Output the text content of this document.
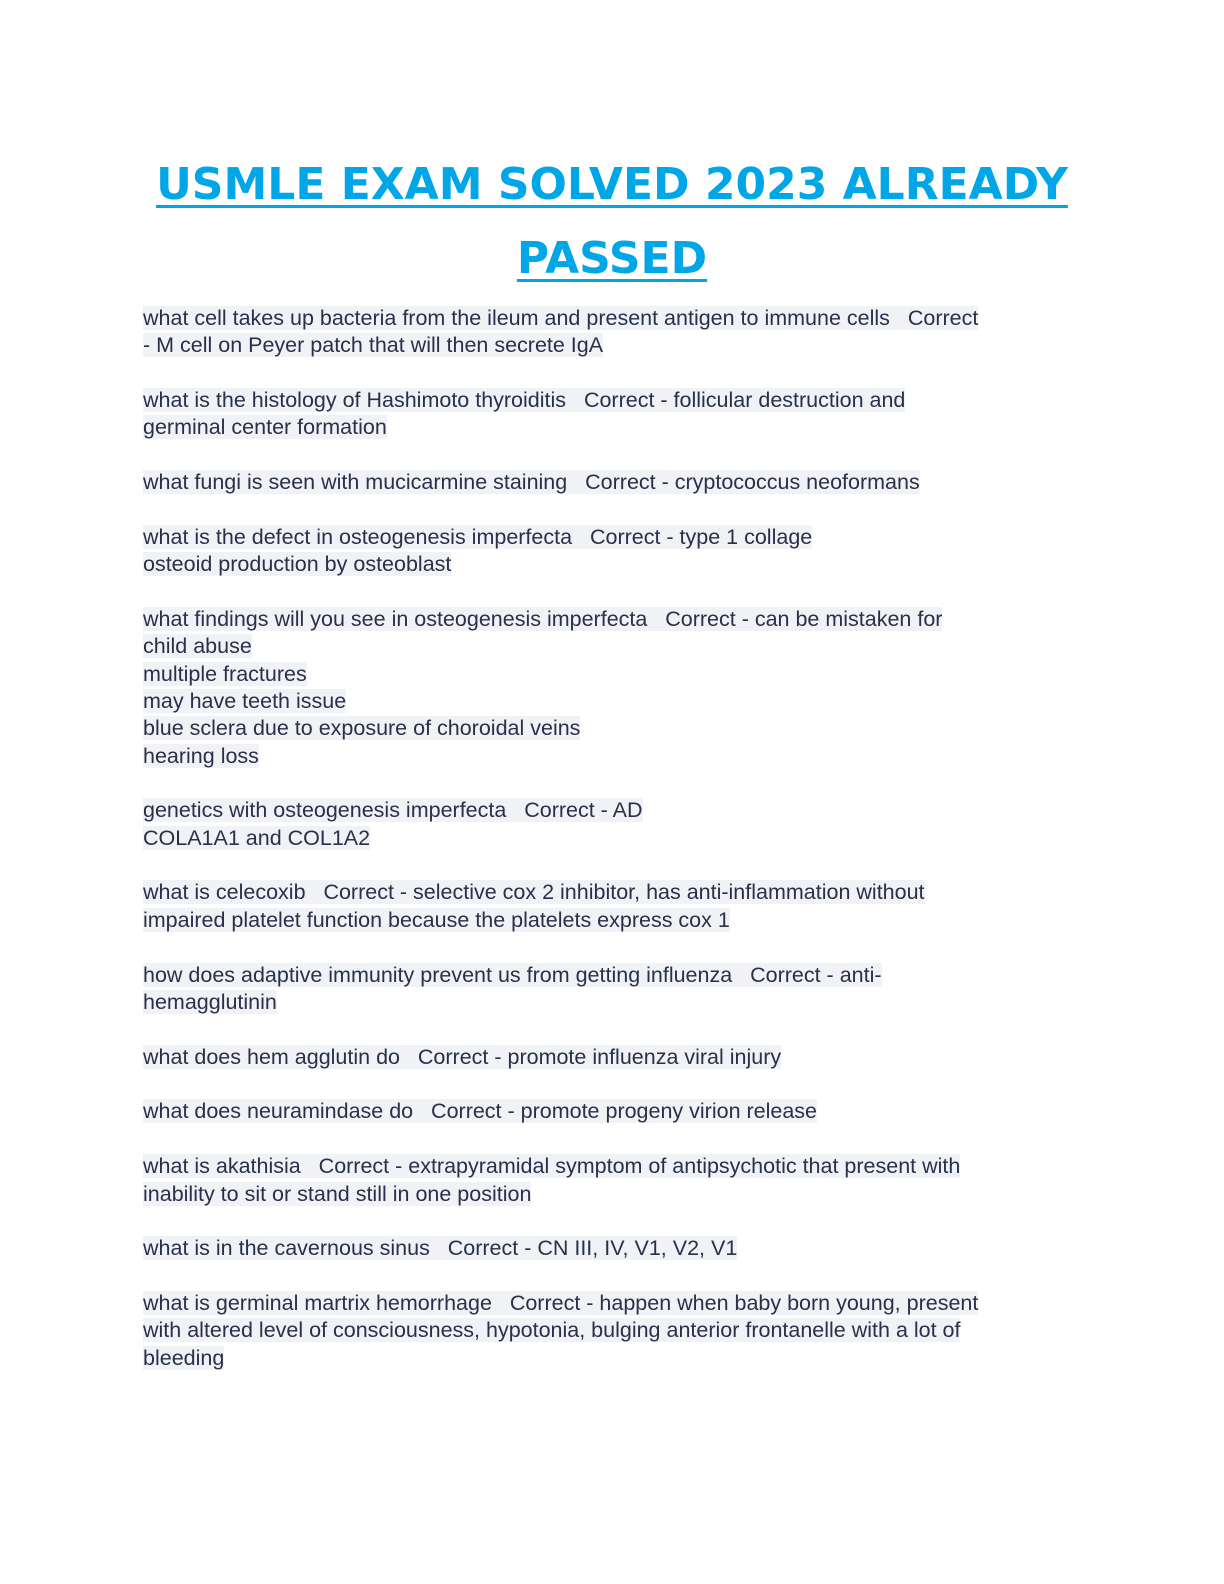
USMLE EXAM SOLVED 2023 ALREADY
PASSED
what cell takes up bacteria from the ileum and present antigen to immune cells   Correct
- M cell on Peyer patch that will then secrete IgA
what is the histology of Hashimoto thyroiditis   Correct - follicular destruction and
germinal center formation
what fungi is seen with mucicarmine staining   Correct - cryptococcus neoformans
what is the defect in osteogenesis imperfecta   Correct - type 1 collage
osteoid production by osteoblast
what findings will you see in osteogenesis imperfecta   Correct - can be mistaken for
child abuse
multiple fractures
may have teeth issue
blue sclera due to exposure of choroidal veins
hearing loss
genetics with osteogenesis imperfecta   Correct - AD
COLA1A1 and COL1A2
what is celecoxib   Correct - selective cox 2 inhibitor, has anti-inflammation without
impaired platelet function because the platelets express cox 1
how does adaptive immunity prevent us from getting influenza   Correct - anti-
hemagglutinin
what does hem agglutin do   Correct - promote influenza viral injury
what does neuramindase do   Correct - promote progeny virion release
what is akathisia   Correct - extrapyramidal symptom of antipsychotic that present with
inability to sit or stand still in one position
what is in the cavernous sinus   Correct - CN III, IV, V1, V2, V1
what is germinal martrix hemorrhage   Correct - happen when baby born young, present
with altered level of consciousness, hypotonia, bulging anterior frontanelle with a lot of
bleeding
